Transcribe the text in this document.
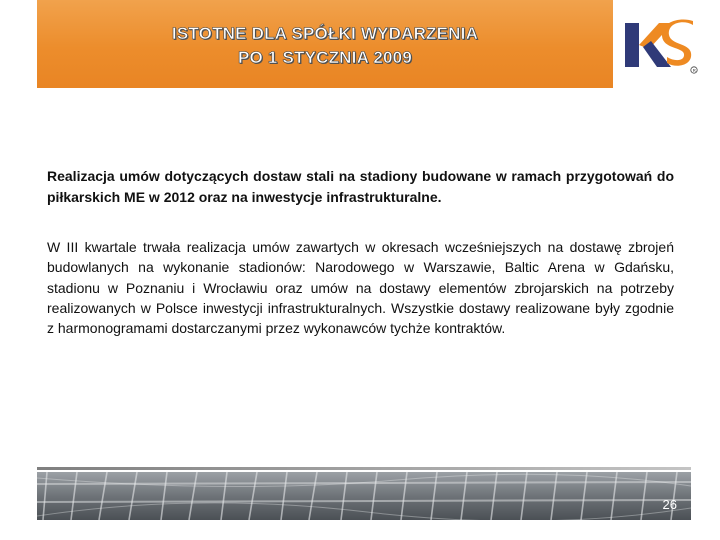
ISTOTNE DLA SPÓŁKI WYDARZENIA
PO 1 STYCZNIA 2009
R
Realizacja umów dotyczących dostaw stali na stadiony budowane w ramach przygotowań do piłkarskich ME w 2012 oraz na inwestycje infrastrukturalne.
W III kwartale trwała realizacja umów zawartych w okresach wcześniejszych na dostawę zbrojeń budowlanych na wykonanie stadionów: Narodowego w Warszawie, Baltic Arena w Gdańsku, stadionu w Poznaniu i Wrocławiu oraz umów na dostawy elementów zbrojarskich na potrzeby realizowanych w Polsce inwestycji infrastrukturalnych. Wszystkie dostawy realizowane były zgodnie z harmonogramami dostarczanymi przez wykonawców tychże kontraktów.
26
